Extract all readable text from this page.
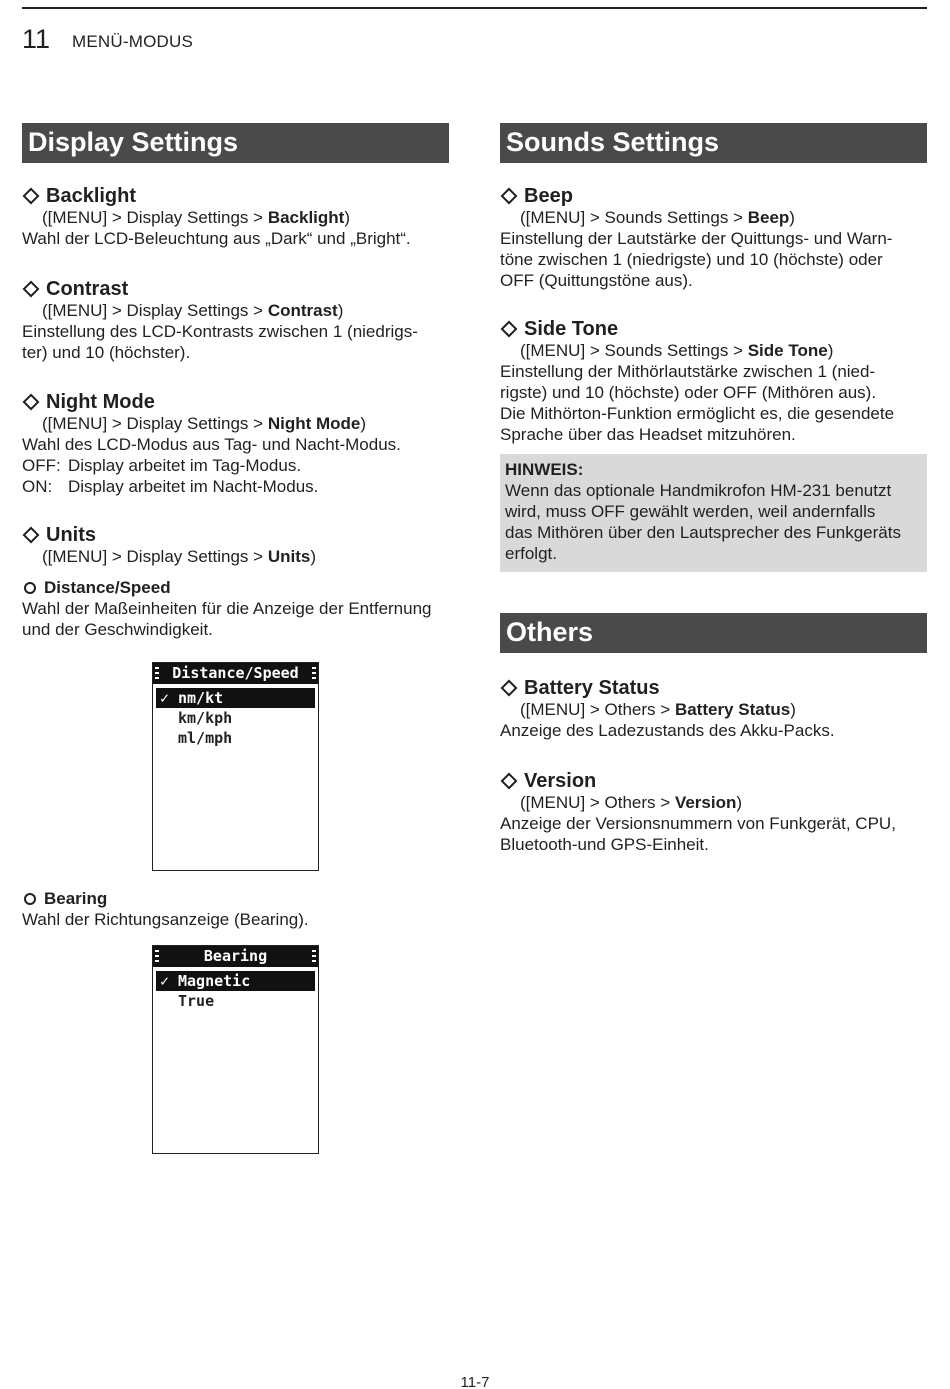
11 MENÜ-MODUS
Display Settings
Backlight
([MENU] > Display Settings > Backlight)
Wahl der LCD-Beleuchtung aus „Dark“ und „Bright“.
Contrast
([MENU] > Display Settings > Contrast)
Einstellung des LCD-Kontrasts zwischen 1 (niedrigs-
ter) und 10 (höchster).
Night Mode
([MENU] > Display Settings > Night Mode)
Wahl des LCD-Modus aus Tag- und Nacht-Modus.
OFF: Display arbeitet im Tag-Modus.
ON: Display arbeitet im Nacht-Modus.
Units
([MENU] > Display Settings > Units)
Distance/Speed
Wahl der Maßeinheiten für die Anzeige der Entfernung
und der Geschwindigkeit.
Distance/Speed
✓ nm/kt
km/kph
ml/mph
Bearing
Wahl der Richtungsanzeige (Bearing).
Bearing
✓ Magnetic
True
Sounds Settings
Beep
([MENU] > Sounds Settings > Beep)
Einstellung der Lautstärke der Quittungs- und Warn-
töne zwischen 1 (niedrigste) und 10 (höchste) oder
OFF (Quittungstöne aus).
Side Tone
([MENU] > Sounds Settings > Side Tone)
Einstellung der Mithörlautstärke zwischen 1 (nied-
rigste) und 10 (höchste) oder OFF (Mithören aus).
Die Mithörton-Funktion ermöglicht es, die gesendete
Sprache über das Headset mitzuhören.
HINWEIS:
Wenn das optionale Handmikrofon HM-231 benutzt
wird, muss OFF gewählt werden, weil andernfalls
das Mithören über den Lautsprecher des Funkgeräts
erfolgt.
Others
Battery Status
([MENU] > Others > Battery Status)
Anzeige des Ladezustands des Akku-Packs.
Version
([MENU] > Others > Version)
Anzeige der Versionsnummern von Funkgerät, CPU,
Bluetooth-und GPS-Einheit.
11-7
